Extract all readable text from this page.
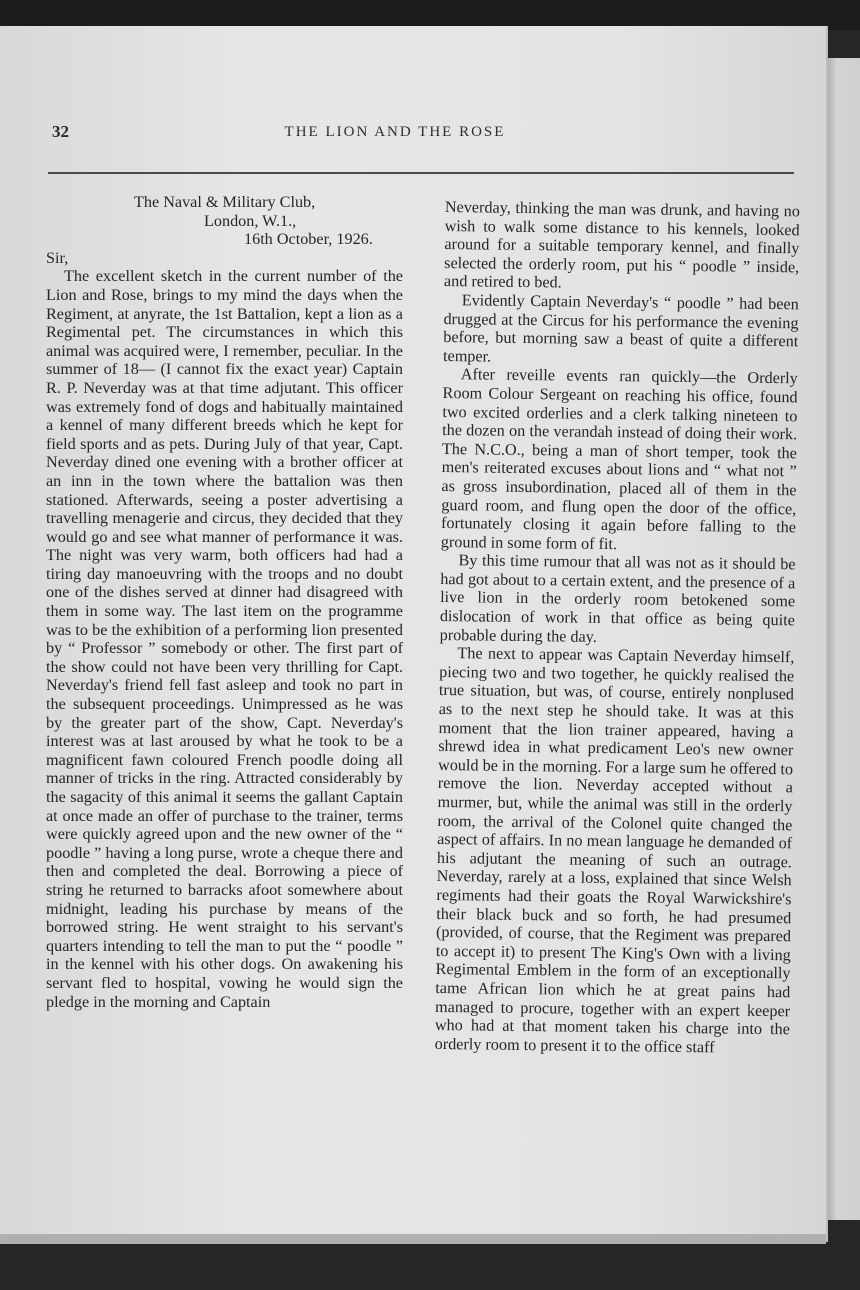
32	THE LION AND THE ROSE
The Naval & Military Club,
London, W.1.,
16th October, 1926.

Sir,

The excellent sketch in the current number of the Lion and Rose, brings to my mind the days when the Regiment, at anyrate, the 1st Battalion, kept a lion as a Regimental pet. The circumstances in which this animal was acquired were, I remember, peculiar. In the summer of 18— (I cannot fix the exact year) Captain R. P. Neverday was at that time adjutant. This officer was extremely fond of dogs and habitually maintained a kennel of many different breeds which he kept for field sports and as pets. During July of that year, Capt. Neverday dined one evening with a brother officer at an inn in the town where the battalion was then stationed. Afterwards, seeing a poster advertising a travelling menagerie and circus, they decided that they would go and see what manner of performance it was. The night was very warm, both officers had had a tiring day manoeuvring with the troops and no doubt one of the dishes served at dinner had disagreed with them in some way. The last item on the programme was to be the exhibition of a performing lion presented by “ Professor ” somebody or other. The first part of the show could not have been very thrilling for Capt. Neverday's friend fell fast asleep and took no part in the subsequent proceedings. Unimpressed as he was by the greater part of the show, Capt. Neverday's interest was at last aroused by what he took to be a magnificent fawn coloured French poodle doing all manner of tricks in the ring. Attracted considerably by the sagacity of this animal it seems the gallant Captain at once made an offer of purchase to the trainer, terms were quickly agreed upon and the new owner of the “ poodle ” having a long purse, wrote a cheque there and then and completed the deal. Borrowing a piece of string he returned to barracks afoot somewhere about midnight, leading his purchase by means of the borrowed string. He went straight to his servant's quarters intending to tell the man to put the “ poodle ” in the kennel with his other dogs. On awakening his servant fled to hospital, vowing he would sign the pledge in the morning and Captain

Neverday, thinking the man was drunk, and having no wish to walk some distance to his kennels, looked around for a suitable temporary kennel, and finally selected the orderly room, put his “ poodle ” inside, and retired to bed.

Evidently Captain Neverday's “ poodle ” had been drugged at the Circus for his performance the evening before, but morning saw a beast of quite a different temper.

After reveille events ran quickly—the Orderly Room Colour Sergeant on reaching his office, found two excited orderlies and a clerk talking nineteen to the dozen on the verandah instead of doing their work. The N.C.O., being a man of short temper, took the men's reiterated excuses about lions and “ what not ” as gross insubordination, placed all of them in the guard room, and flung open the door of the office, fortunately closing it again before falling to the ground in some form of fit.

By this time rumour that all was not as it should be had got about to a certain extent, and the presence of a live lion in the orderly room betokened some dislocation of work in that office as being quite probable during the day.

The next to appear was Captain Neverday himself, piecing two and two together, he quickly realised the true situation, but was, of course, entirely nonplused as to the next step he should take. It was at this moment that the lion trainer appeared, having a shrewd idea in what predicament Leo's new owner would be in the morning. For a large sum he offered to remove the lion. Neverday accepted without a murmer, but, while the animal was still in the orderly room, the arrival of the Colonel quite changed the aspect of affairs. In no mean language he demanded of his adjutant the meaning of such an outrage. Neverday, rarely at a loss, explained that since Welsh regiments had their goats the Royal Warwickshire's their black buck and so forth, he had presumed (provided, of course, that the Regiment was prepared to accept it) to present The King's Own with a living Regimental Emblem in the form of an exceptionally tame African lion which he at great pains had managed to procure, together with an expert keeper who had at that moment taken his charge into the orderly room to present it to the office staff
